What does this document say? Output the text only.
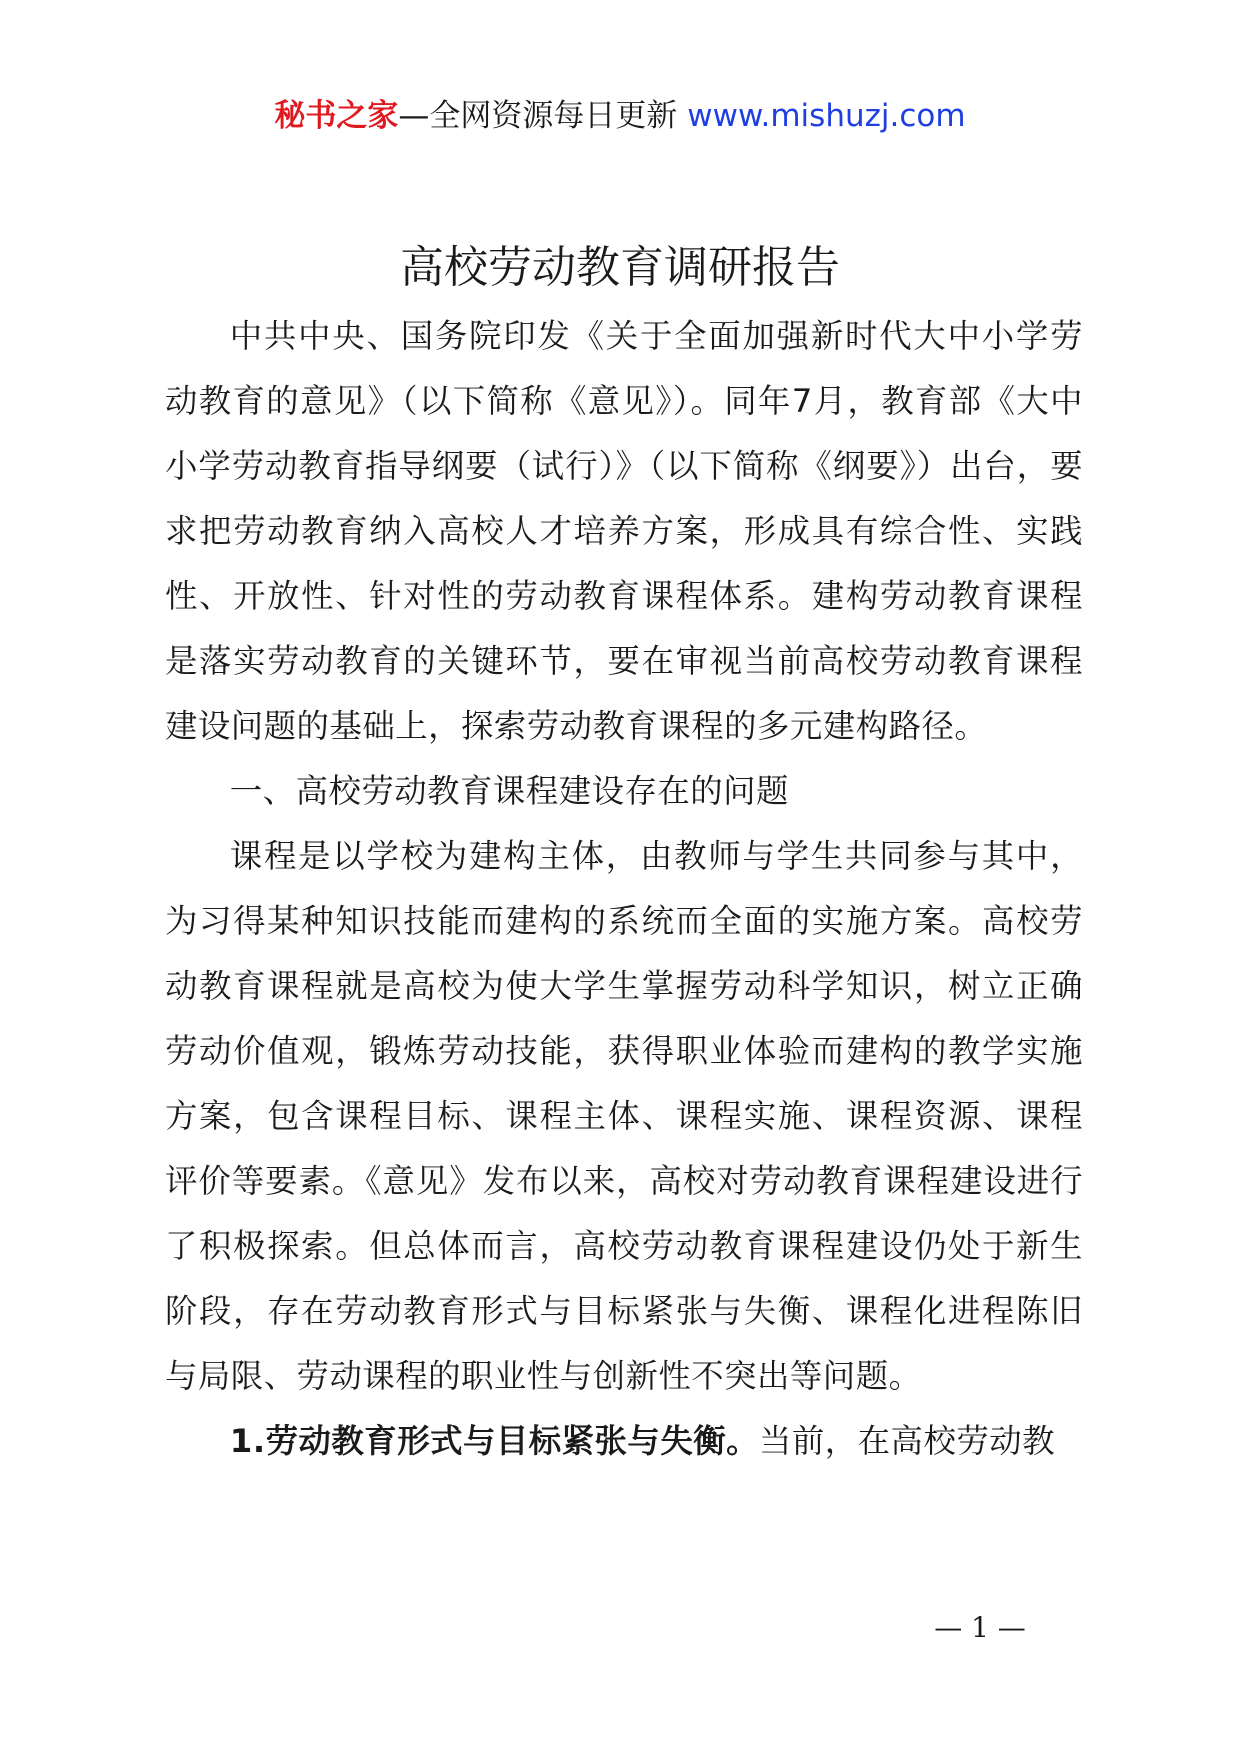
秘书之家—全网资源每日更新 www.mishuzj.com
高校劳动教育调研报告

中共中央、国务院印发《关于全面加强新时代大中小学劳动教育的意见》（以下简称《意见》）。同年7月，教育部《大中小学劳动教育指导纲要（试行）》（以下简称《纲要》）出台，要求把劳动教育纳入高校人才培养方案，形成具有综合性、实践性、开放性、针对性的劳动教育课程体系。建构劳动教育课程是落实劳动教育的关键环节，要在审视当前高校劳动教育课程建设问题的基础上，探索劳动教育课程的多元建构路径。

一、高校劳动教育课程建设存在的问题

课程是以学校为建构主体，由教师与学生共同参与其中，为习得某种知识技能而建构的系统而全面的实施方案。高校劳动教育课程就是高校为使大学生掌握劳动科学知识，树立正确劳动价值观，锻炼劳动技能，获得职业体验而建构的教学实施方案，包含课程目标、课程主体、课程实施、课程资源、课程评价等要素。《意见》发布以来，高校对劳动教育课程建设进行了积极探索。但总体而言，高校劳动教育课程建设仍处于新生阶段，存在劳动教育形式与目标紧张与失衡、课程化进程陈旧与局限、劳动课程的职业性与创新性不突出等问题。

1.劳动教育形式与目标紧张与失衡。当前，在高校劳动教

— 1 —
